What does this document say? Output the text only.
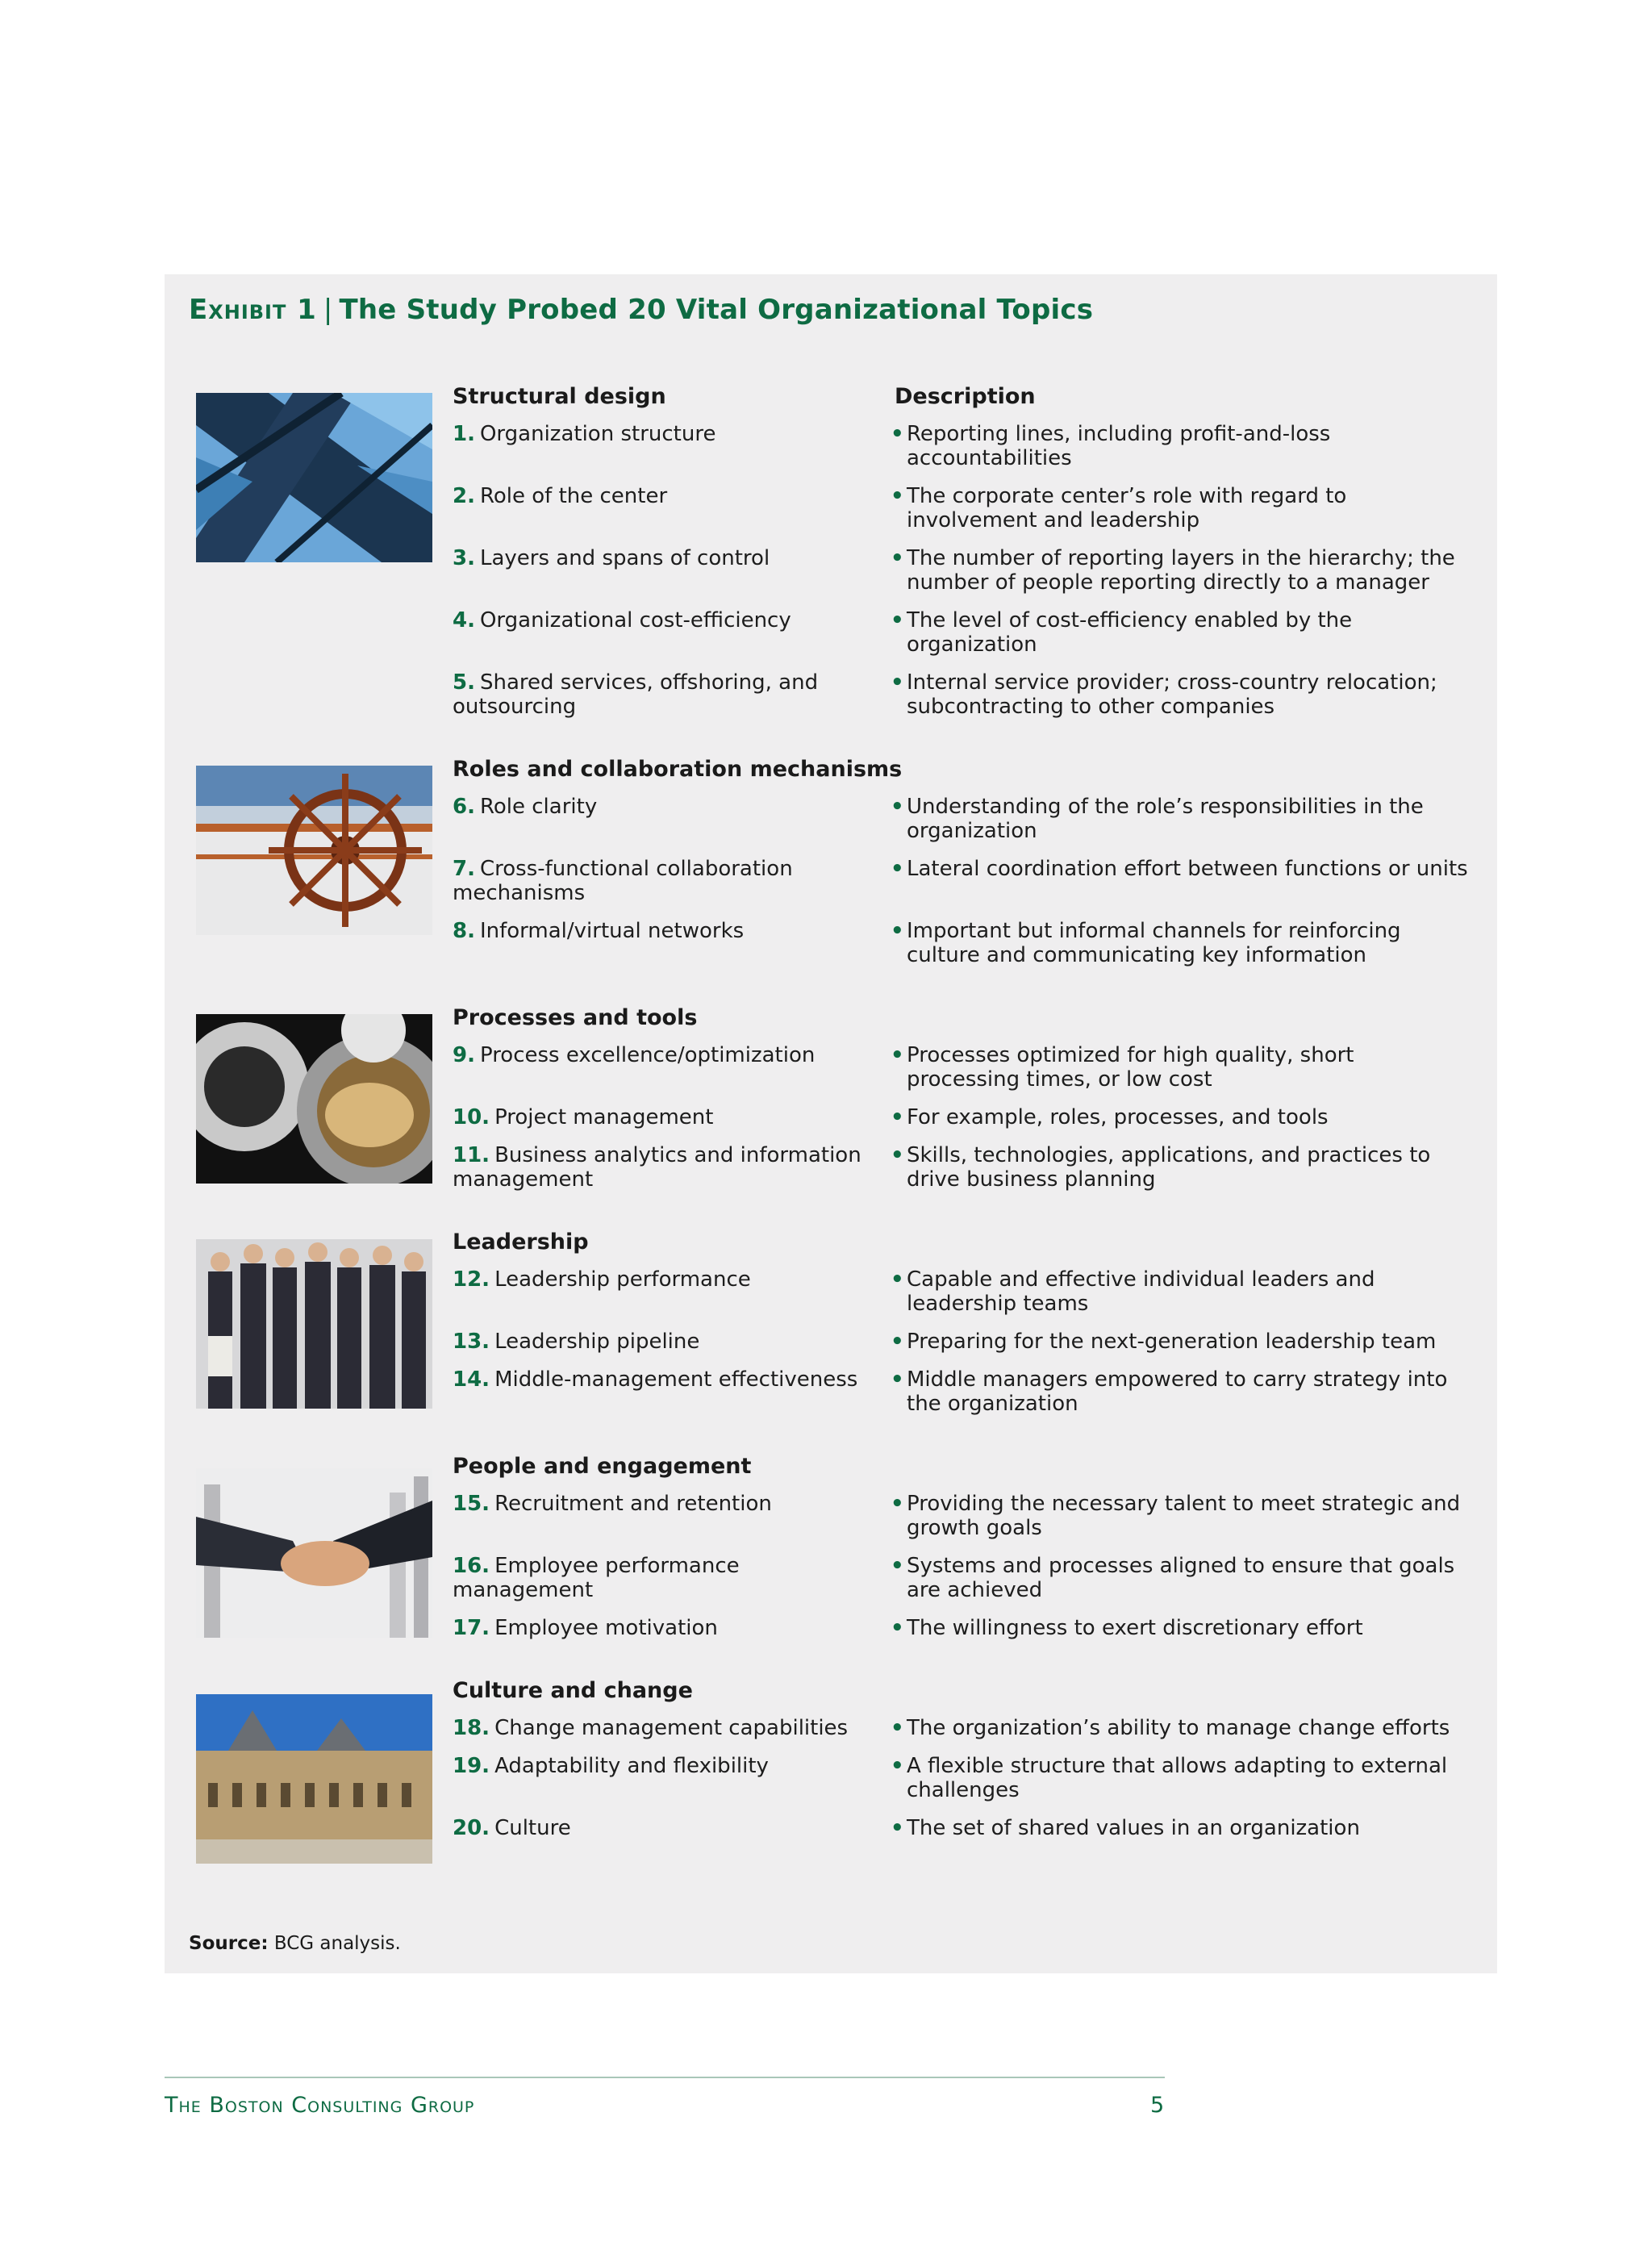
Exhibit 1 | The Study Probed 20 Vital Organizational Topics
Description
Structural design
1. Organization structure	• Reporting lines, including profit-and-loss accountabilities
2. Role of the center	• The corporate center’s role with regard to involvement and leadership
3. Layers and spans of control	• The number of reporting layers in the hierarchy; the number of people reporting directly to a manager
4. Organizational cost-efficiency	• The level of cost-efficiency enabled by the organization
5. Shared services, offshoring, and outsourcing
• Internal service provider; cross-country relocation; subcontracting to other companies
Roles and collaboration mechanisms
6. Role clarity	• Understanding of the role’s responsibilities in the organization
7. Cross-functional collaboration mechanisms
• Lateral coordination effort between functions or units
8. Informal/virtual networks	• Important but informal channels for reinforcing culture and communicating key information
Processes and tools
9. Process excellence/optimization	• Processes optimized for high quality, short processing times, or low cost
10. Project management	• For example, roles, processes, and tools
11. Business analytics and information management
• Skills, technologies, applications, and practices to drive business planning
Leadership
12. Leadership performance	• Capable and effective individual leaders and leadership teams
13. Leadership pipeline	• Preparing for the next-generation leadership team
14. Middle-management effectiveness	• Middle managers empowered to carry strategy into the organization
People and engagement
15. Recruitment and retention	• Providing the necessary talent to meet strategic and growth goals
16. Employee performance management
• Systems and processes aligned to ensure that goals are achieved
17. Employee motivation	• The willingness to exert discretionary effort
Culture and change
18. Change management capabilities	• The organization’s ability to manage change efforts
19. Adaptability and flexibility	• A flexible structure that allows adapting to external challenges
20. Culture	• The set of shared values in an organization
Source: BCG analysis.
The Boston Consulting Group	5
